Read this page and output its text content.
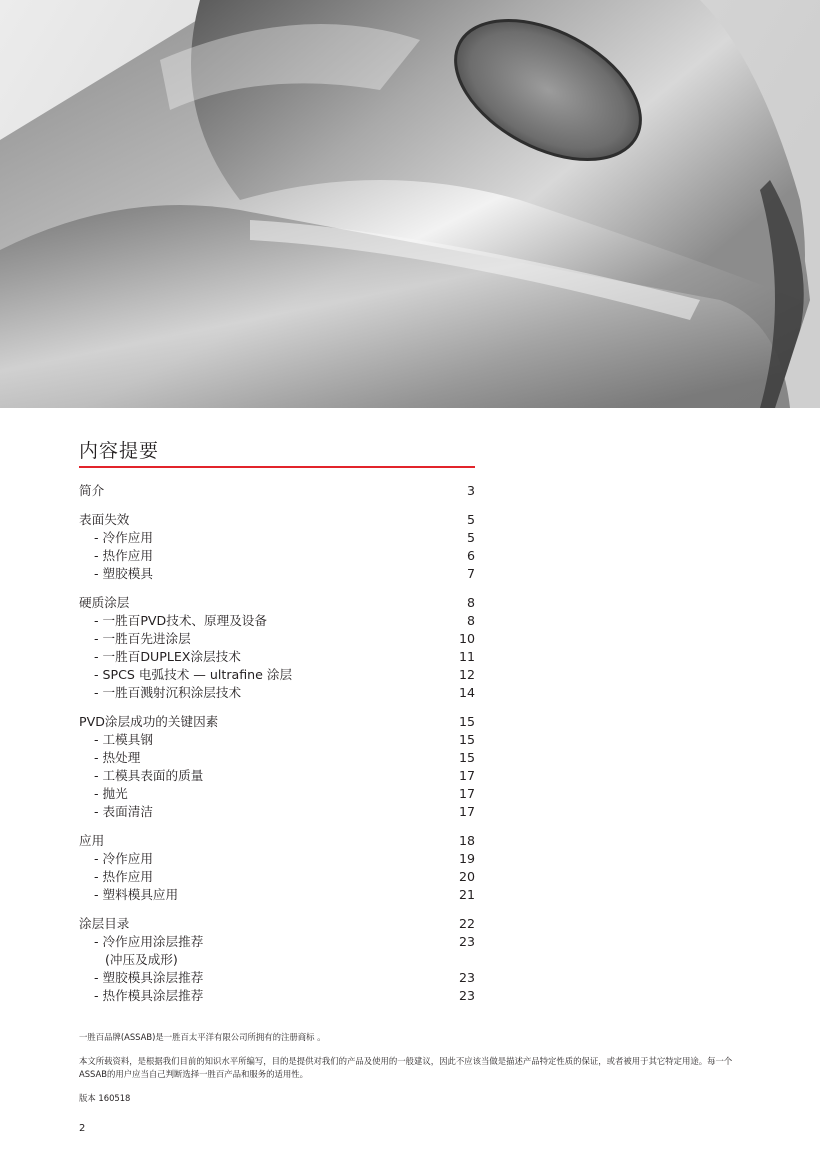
内容提要
简介	3
表面失效	5
- 冷作应用	5
- 热作应用	6
- 塑胶模具	7
硬质涂层	8
- 一胜百PVD技术、原理及设备	8
- 一胜百先进涂层	10
- 一胜百DUPLEX涂层技术	11
- SPCS 电弧技术 — ultrafine 涂层	12
- 一胜百溅射沉积涂层技术	14
PVD涂层成功的关键因素	15
- 工模具钢	15
- 热处理	15
- 工模具表面的质量	17
- 抛光	17
- 表面清洁	17
应用	18
- 冷作应用	19
- 热作应用	20
- 塑料模具应用	21
涂层目录	22
- 冷作应用涂层推荐	23
(冲压及成形)
- 塑胶模具涂层推荐	23
- 热作模具涂层推荐	23

一胜百品牌(ASSAB)是一胜百太平洋有限公司所拥有的注册商标 。

本文所载资料，是根据我们目前的知识水平所编写，目的是提供对我们的产品及使用的一般建议，因此不应该当做是描述产品特定性质的保证，或者被用于其它特定用途。每一个ASSAB的用户应当自己判断选择一胜百产品和服务的适用性。

版本 160518

2
